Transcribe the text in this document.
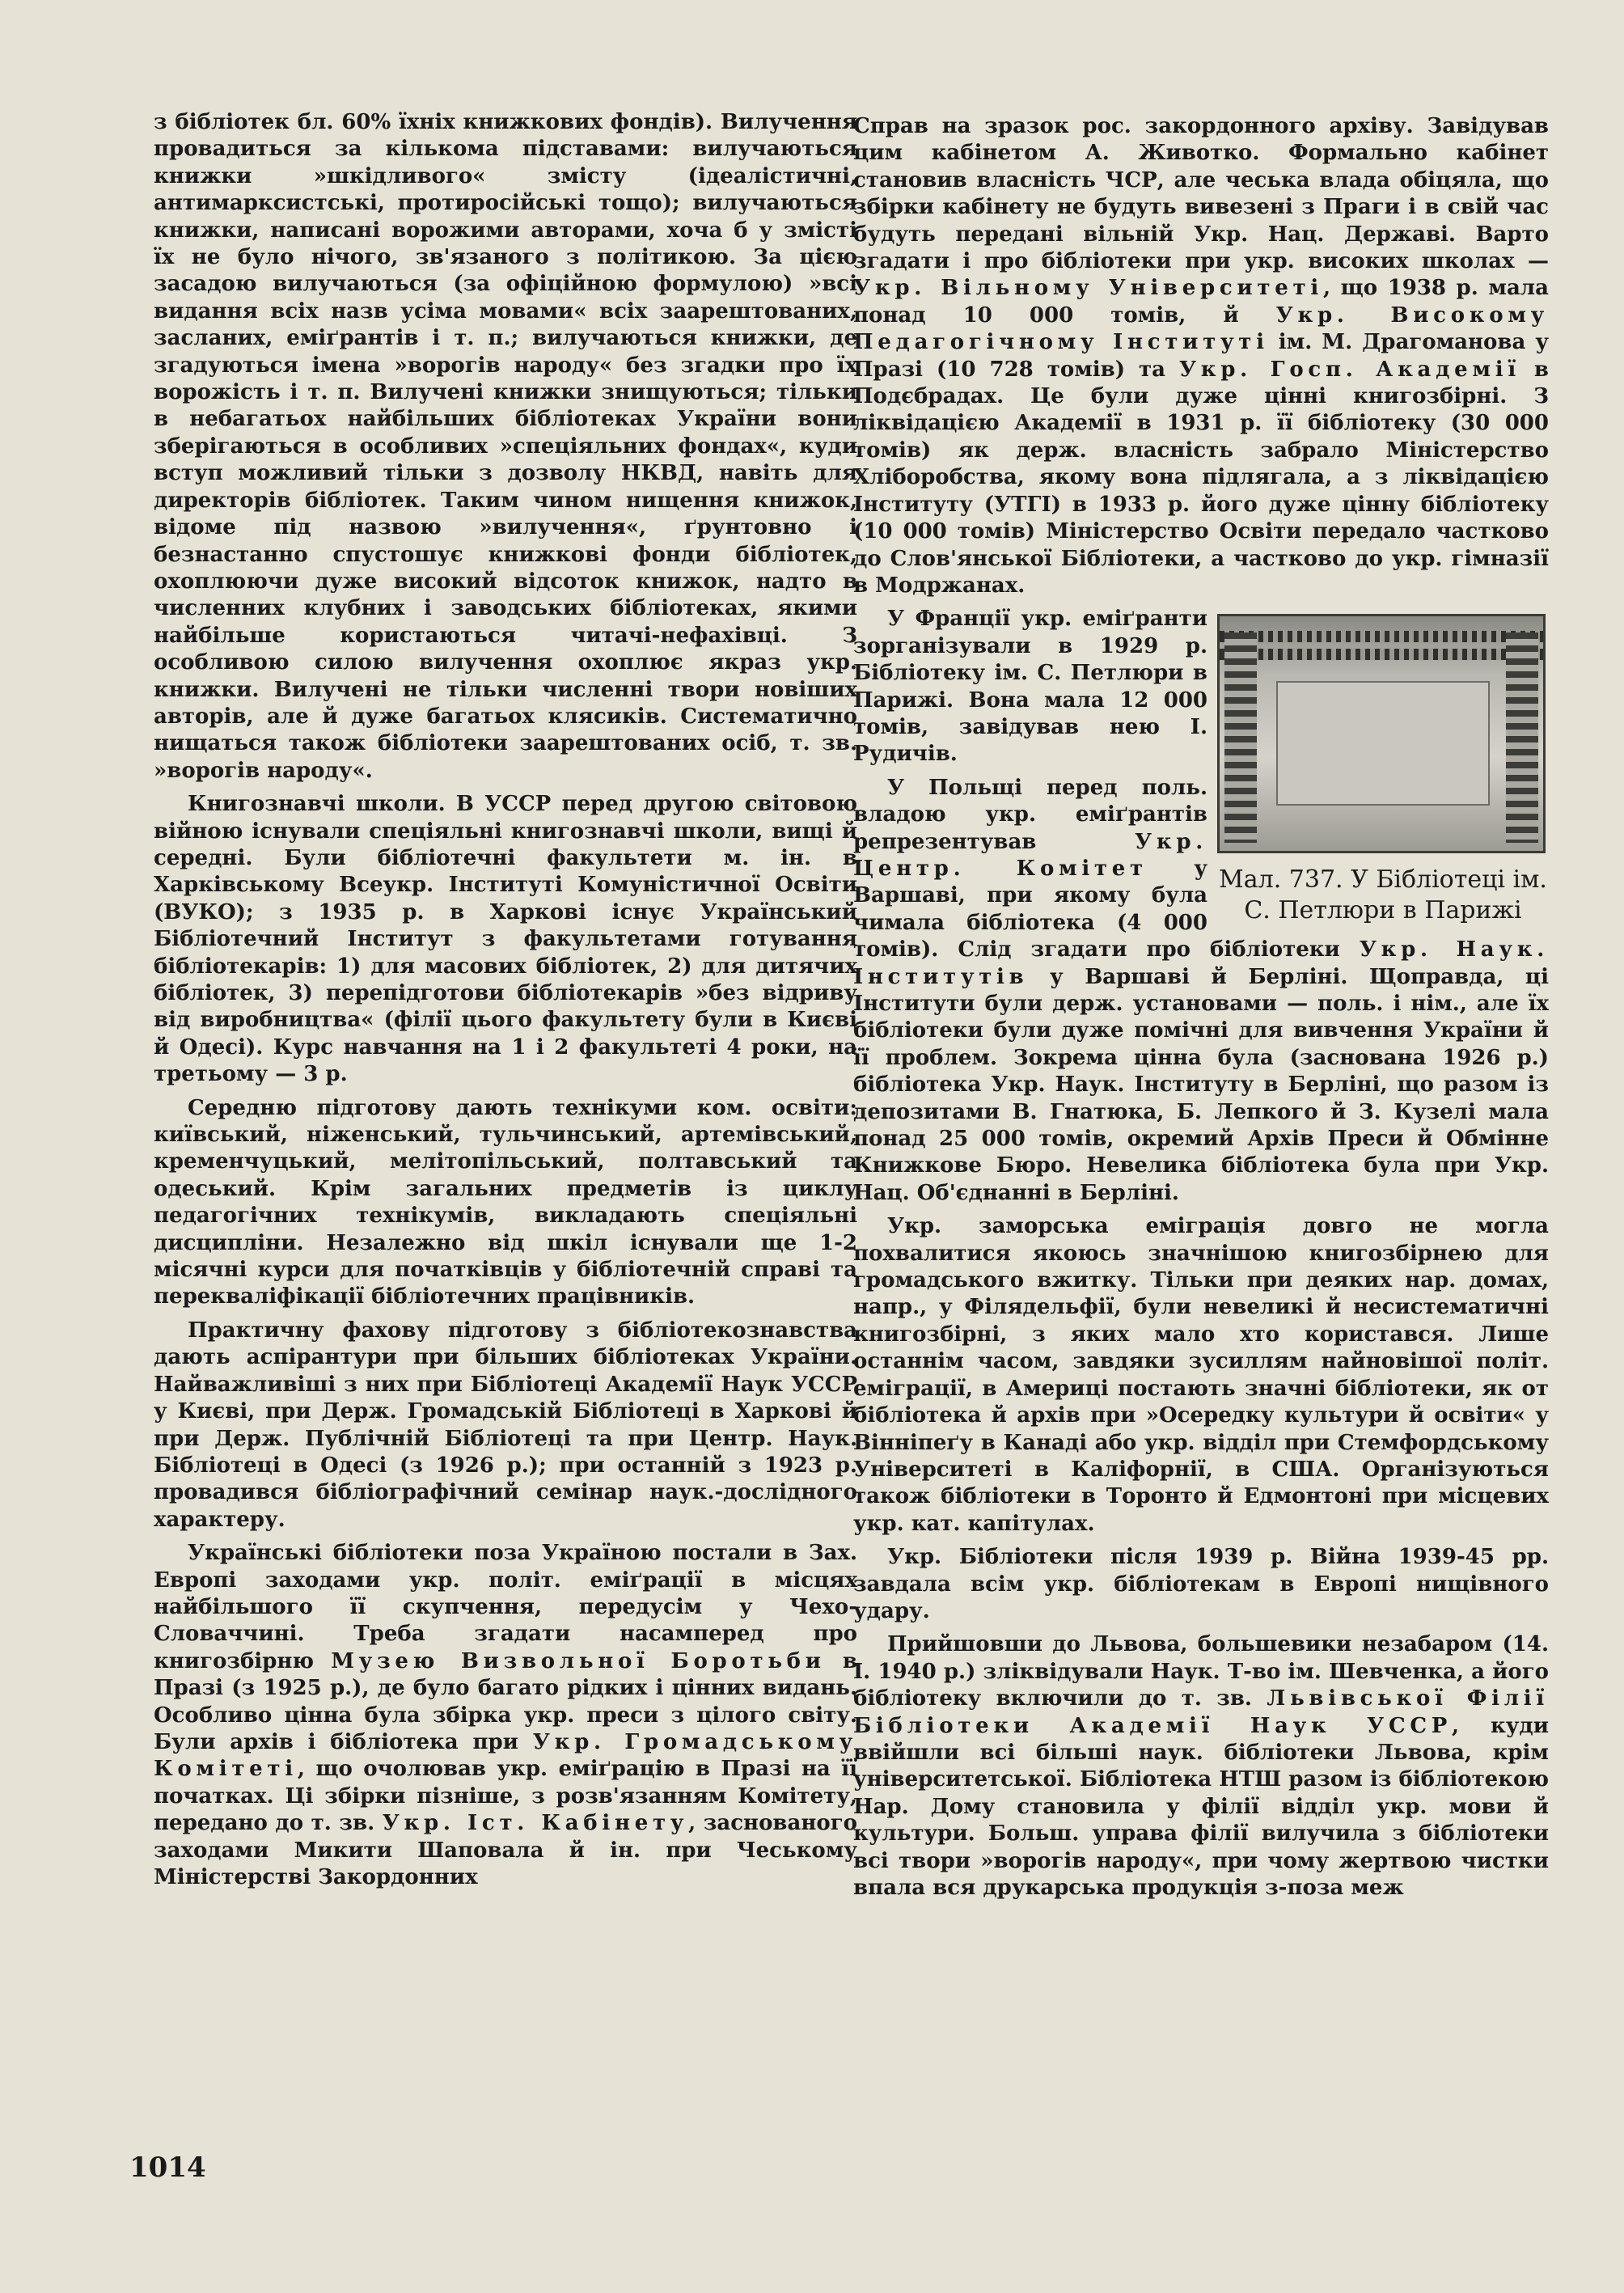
з бібліотек бл. 60% їхніх книжкових фондів). Вилучення провадиться за кількома підставами: вилучаються книжки »шкідливого« змісту (ідеалістичні, антимарксистські, протиросійські тощо); вилучаються книжки, написані ворожими авторами, хоча б у змісті їх не було нічого, зв'язаного з політикою. За цією засадою вилучаються (за офіційною формулою) »всі видання всіх назв усіма мовами« всіх заарештованих, засланих, еміґрантів і т. п.; вилучаються книжки, де згадуються імена »ворогів народу« без згадки про їх ворожість і т. п. Вилучені книжки знищуються; тільки в небагатьох найбільших бібліотеках України вони зберігаються в особливих »спеціяльних фондах«, куди вступ можливий тільки з дозволу НКВД, навіть для директорів бібліотек. Таким чином нищення книжок, відоме під назвою »вилучення«, ґрунтовно і безнастанно спустошує книжкові фонди бібліотек, охоплюючи дуже високий відсоток книжок, надто в численних клубних і заводських бібліотеках, якими найбільше користаються читачі-нефахівці. З особливою силою вилучення охоплює якраз укр. книжки. Вилучені не тільки численні твори новіших авторів, але й дуже багатьох клясиків. Систематично нищаться також бібліотеки заарештованих осіб, т. зв. »ворогів народу«.

Книгознавчі школи. В УССР перед другою світовою війною існували спеціяльні книгознавчі школи, вищі й середні. Були бібліотечні факультети м. ін. в Харківському Всеукр. Інституті Комуністичної Освіти (ВУКО); з 1935 р. в Харкові існує Український Бібліотечний Інститут з факультетами готування бібліотекарів: 1) для масових бібліотек, 2) для дитячих бібліотек, 3) перепідготови бібліотекарів »без відриву від виробництва« (філії цього факультету були в Києві й Одесі). Курс навчання на 1 і 2 факультеті 4 роки, на третьому — 3 р.

Середню підготову дають технікуми ком. освіти: київський, ніженський, тульчинський, артемівський, кременчуцький, мелітопільський, полтавський та одеський. Крім загальних предметів із циклу педагогічних технікумів, викладають спеціяльні дисципліни. Незалежно від шкіл існували ще 1-2 місячні курси для початківців у бібліотечній справі та перекваліфікації бібліотечних працівників.

Практичну фахову підготову з бібліотекознавства дають аспірантури при більших бібліотеках України. Найважливіші з них при Бібліотеці Академії Наук УССР у Києві, при Держ. Громадській Бібліотеці в Харкові й при Держ. Публічній Бібліотеці та при Центр. Наук. Бібліотеці в Одесі (з 1926 р.); при останній з 1923 р. провадився бібліографічний семінар наук.-дослідного характеру.

Українські бібліотеки поза Україною постали в Зах. Европі заходами укр. політ. еміґрації в місцях найбільшого її скупчення, передусім у Чехо-Словаччині. Треба згадати насамперед про книгозбірню Музею Визвольної Боротьби в Празі (з 1925 р.), де було багато рідких і цінних видань. Особливо цінна була збірка укр. преси з цілого світу. Були архів і бібліотека при Укр. Громадському Комітеті, що очолював укр. еміґрацію в Празі на її початках. Ці збірки пізніше, з розв'язанням Комітету, передано до т. зв. Укр. Іст. Кабінету, заснованого заходами Микити Шаповала й ін. при Чеському Міністерстві Закордонних

Справ на зразок рос. закордонного архіву. Завідував цим кабінетом А. Животко. Формально кабінет становив власність ЧСР, але чеська влада обіцяла, що збірки кабінету не будуть вивезені з Праги і в свій час будуть передані вільній Укр. Нац. Державі. Варто згадати і про бібліотеки при укр. високих школах — Укр. Вільному Університеті, що 1938 р. мала понад 10 000 томів, й Укр. Високому Педагогічному Інституті ім. М. Драгоманова у Празі (10 728 томів) та Укр. Госп. Академії в Подєбрадах. Це були дуже цінні книгозбірні. З ліквідацією Академії в 1931 р. її бібліотеку (30 000 томів) як держ. власність забрало Міністерство Хліборобства, якому вона підлягала, а з ліквідацією Інституту (УТГІ) в 1933 р. його дуже цінну бібліотеку (10 000 томів) Міністерство Освіти передало частково до Слов'янської Бібліотеки, а частково до укр. гімназії в Модржанах.

Мал. 737. У Бібліотеці ім. С. Петлюри в Парижі

У Франції укр. еміґранти зорганізували в 1929 р. Бібліотеку ім. С. Петлюри в Парижі. Вона мала 12 000 томів, завідував нею І. Рудичів.

У Польщі перед поль. владою укр. еміґрантів репрезентував Укр. Центр. Комітет у Варшаві, при якому була чимала бібліотека (4 000 томів). Слід згадати про бібліотеки Укр. Наук. Інститутів у Варшаві й Берліні. Щоправда, ці Інститути були держ. установами — поль. і нім., але їх бібліотеки були дуже помічні для вивчення України й її проблем. Зокрема цінна була (заснована 1926 р.) бібліотека Укр. Наук. Інституту в Берліні, що разом із депозитами В. Гнатюка, Б. Лепкого й З. Кузелі мала понад 25 000 томів, окремий Архів Преси й Обмінне Книжкове Бюро. Невелика бібліотека була при Укр. Нац. Об'єднанні в Берліні.

Укр. заморська еміграція довго не могла похвалитися якоюсь значнішою книгозбірнею для громадського вжитку. Тільки при деяких нар. домах, напр., у Філядельфії, були невеликі й несистематичні книгозбірні, з яких мало хто користався. Лише останнім часом, завдяки зусиллям найновішої політ. еміграції, в Америці постають значні бібліотеки, як от бібліотека й архів при »Осередку культури й освіти« у Вінніпеґу в Канаді або укр. відділ при Стемфордському Університеті в Каліфорнії, в США. Організуються також бібліотеки в Торонто й Едмонтоні при місцевих укр. кат. капітулах.

Укр. Бібліотеки після 1939 р. Війна 1939-45 рр. завдала всім укр. бібліотекам в Европі нищівного удару.

Прийшовши до Львова, большевики незабаром (14. I. 1940 р.) зліквідували Наук. Т-во ім. Шевченка, а його бібліотеку включили до т. зв. Львівської Філії Бібліотеки Академії Наук УССР, куди ввійшли всі більші наук. бібліотеки Львова, крім університетської. Бібліотека НТШ разом із бібліотекою Нар. Дому становила у філії відділ укр. мови й культури. Больш. управа філії вилучила з бібліотеки всі твори »ворогів народу«, при чому жертвою чистки впала вся друкарська продукція з-поза меж

1014
